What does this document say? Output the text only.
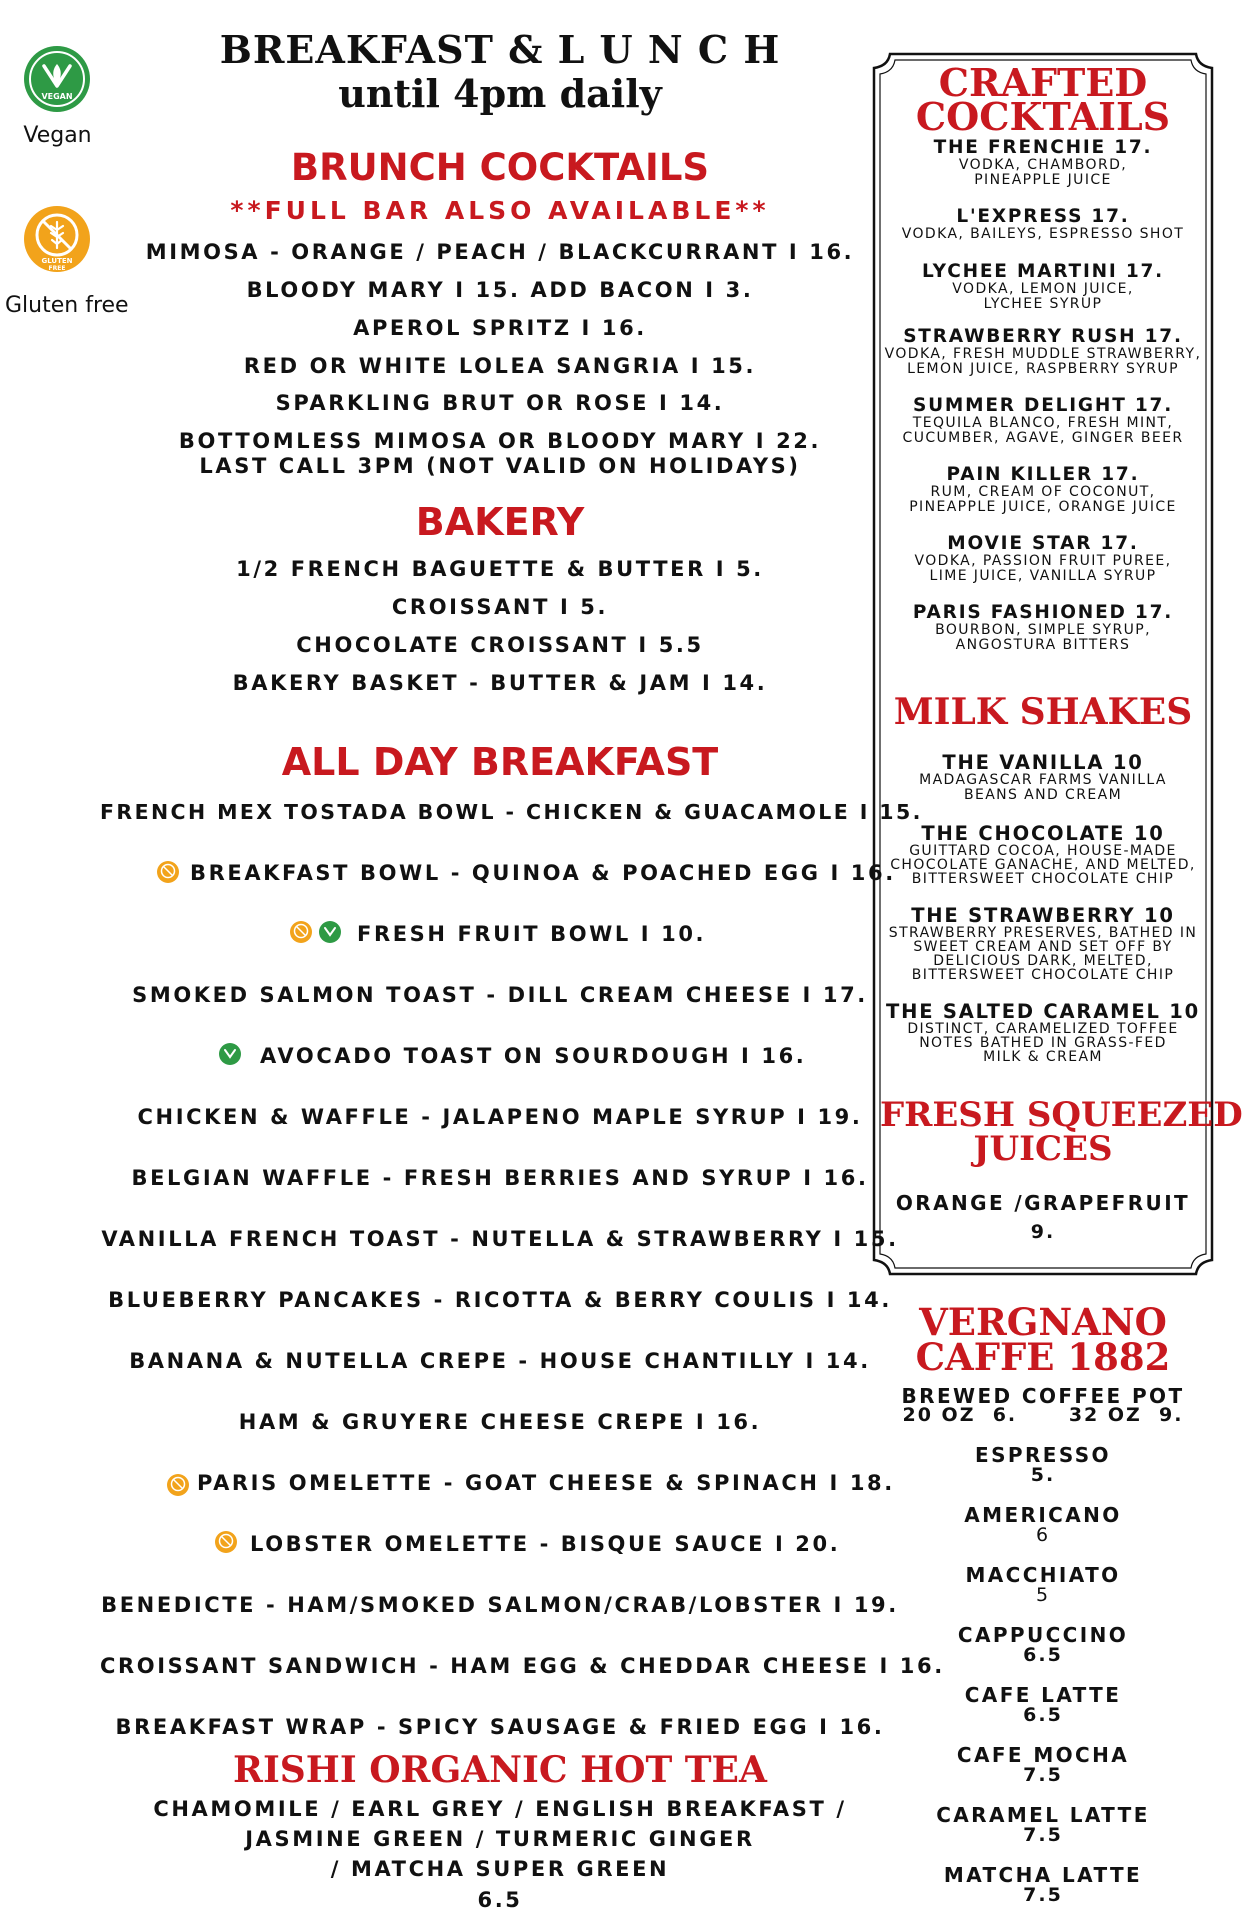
VEGAN
Vegan
GLUTEN
FREE
Gluten free
BREAKFAST & L U N C H
until 4pm daily
BRUNCH COCKTAILS
**FULL BAR ALSO AVAILABLE**
MIMOSA - ORANGE / PEACH / BLACKCURRANT I 16.
BLOODY MARY I 15. ADD BACON I 3.
APEROL SPRITZ I 16.
RED OR WHITE LOLEA SANGRIA I 15.
SPARKLING BRUT OR ROSE I 14.
BOTTOMLESS MIMOSA OR BLOODY MARY I 22.
LAST CALL 3PM (NOT VALID ON HOLIDAYS)
BAKERY
1/2 FRENCH BAGUETTE & BUTTER I 5.
CROISSANT I 5.
CHOCOLATE CROISSANT I 5.5
BAKERY BASKET - BUTTER & JAM I 14.
ALL DAY BREAKFAST
FRENCH MEX TOSTADA BOWL - CHICKEN & GUACAMOLE I 15.
BREAKFAST BOWL - QUINOA & POACHED EGG I 16.
FRESH FRUIT BOWL I 10.
SMOKED SALMON TOAST - DILL CREAM CHEESE I 17.
AVOCADO TOAST ON SOURDOUGH I 16.
CHICKEN & WAFFLE - JALAPENO MAPLE SYRUP I 19.
BELGIAN WAFFLE - FRESH BERRIES AND SYRUP I 16.
VANILLA FRENCH TOAST - NUTELLA & STRAWBERRY I 15.
BLUEBERRY PANCAKES - RICOTTA & BERRY COULIS I 14.
BANANA & NUTELLA CREPE - HOUSE CHANTILLY I 14.
HAM & GRUYERE CHEESE CREPE I 16.
PARIS OMELETTE - GOAT CHEESE & SPINACH I 18.
LOBSTER OMELETTE - BISQUE SAUCE I 20.
BENEDICTE - HAM/SMOKED SALMON/CRAB/LOBSTER I 19.
CROISSANT SANDWICH - HAM EGG & CHEDDAR CHEESE I 16.
BREAKFAST WRAP - SPICY SAUSAGE & FRIED EGG I 16.
RISHI ORGANIC HOT TEA
CHAMOMILE / EARL GREY / ENGLISH BREAKFAST /
JASMINE GREEN / TURMERIC GINGER
/ MATCHA SUPER GREEN
6.5
CRAFTED
COCKTAILS
THE FRENCHIE 17.
VODKA, CHAMBORD,
PINEAPPLE JUICE
L'EXPRESS 17.
VODKA, BAILEYS, ESPRESSO SHOT
LYCHEE MARTINI 17.
VODKA, LEMON JUICE,
LYCHEE SYRUP
STRAWBERRY RUSH 17.
VODKA, FRESH MUDDLE STRAWBERRY,
LEMON JUICE, RASPBERRY SYRUP
SUMMER DELIGHT 17.
TEQUILA BLANCO, FRESH MINT,
CUCUMBER, AGAVE, GINGER BEER
PAIN KILLER 17.
RUM, CREAM OF COCONUT,
PINEAPPLE JUICE, ORANGE JUICE
MOVIE STAR 17.
VODKA, PASSION FRUIT PUREE,
LIME JUICE, VANILLA SYRUP
PARIS FASHIONED 17.
BOURBON, SIMPLE SYRUP,
ANGOSTURA BITTERS
MILK SHAKES
THE VANILLA 10
MADAGASCAR FARMS VANILLA
BEANS AND CREAM
THE CHOCOLATE 10
GUITTARD COCOA, HOUSE-MADE
CHOCOLATE GANACHE, AND MELTED,
BITTERSWEET CHOCOLATE CHIP
THE STRAWBERRY 10
STRAWBERRY PRESERVES, BATHED IN
SWEET CREAM AND SET OFF BY
DELICIOUS DARK, MELTED,
BITTERSWEET CHOCOLATE CHIP
THE SALTED CARAMEL 10
DISTINCT, CARAMELIZED TOFFEE
NOTES BATHED IN GRASS-FED
MILK & CREAM
FRESH SQUEEZED
JUICES
ORANGE /GRAPEFRUIT
9.
VERGNANO
CAFFE 1882
BREWED COFFEE POT
20 OZ  6.      32 OZ  9.
ESPRESSO
5.
AMERICANO
6
MACCHIATO
5
CAPPUCCINO
6.5
CAFE LATTE
6.5
CAFE MOCHA
7.5
CARAMEL LATTE
7.5
MATCHA LATTE
7.5
